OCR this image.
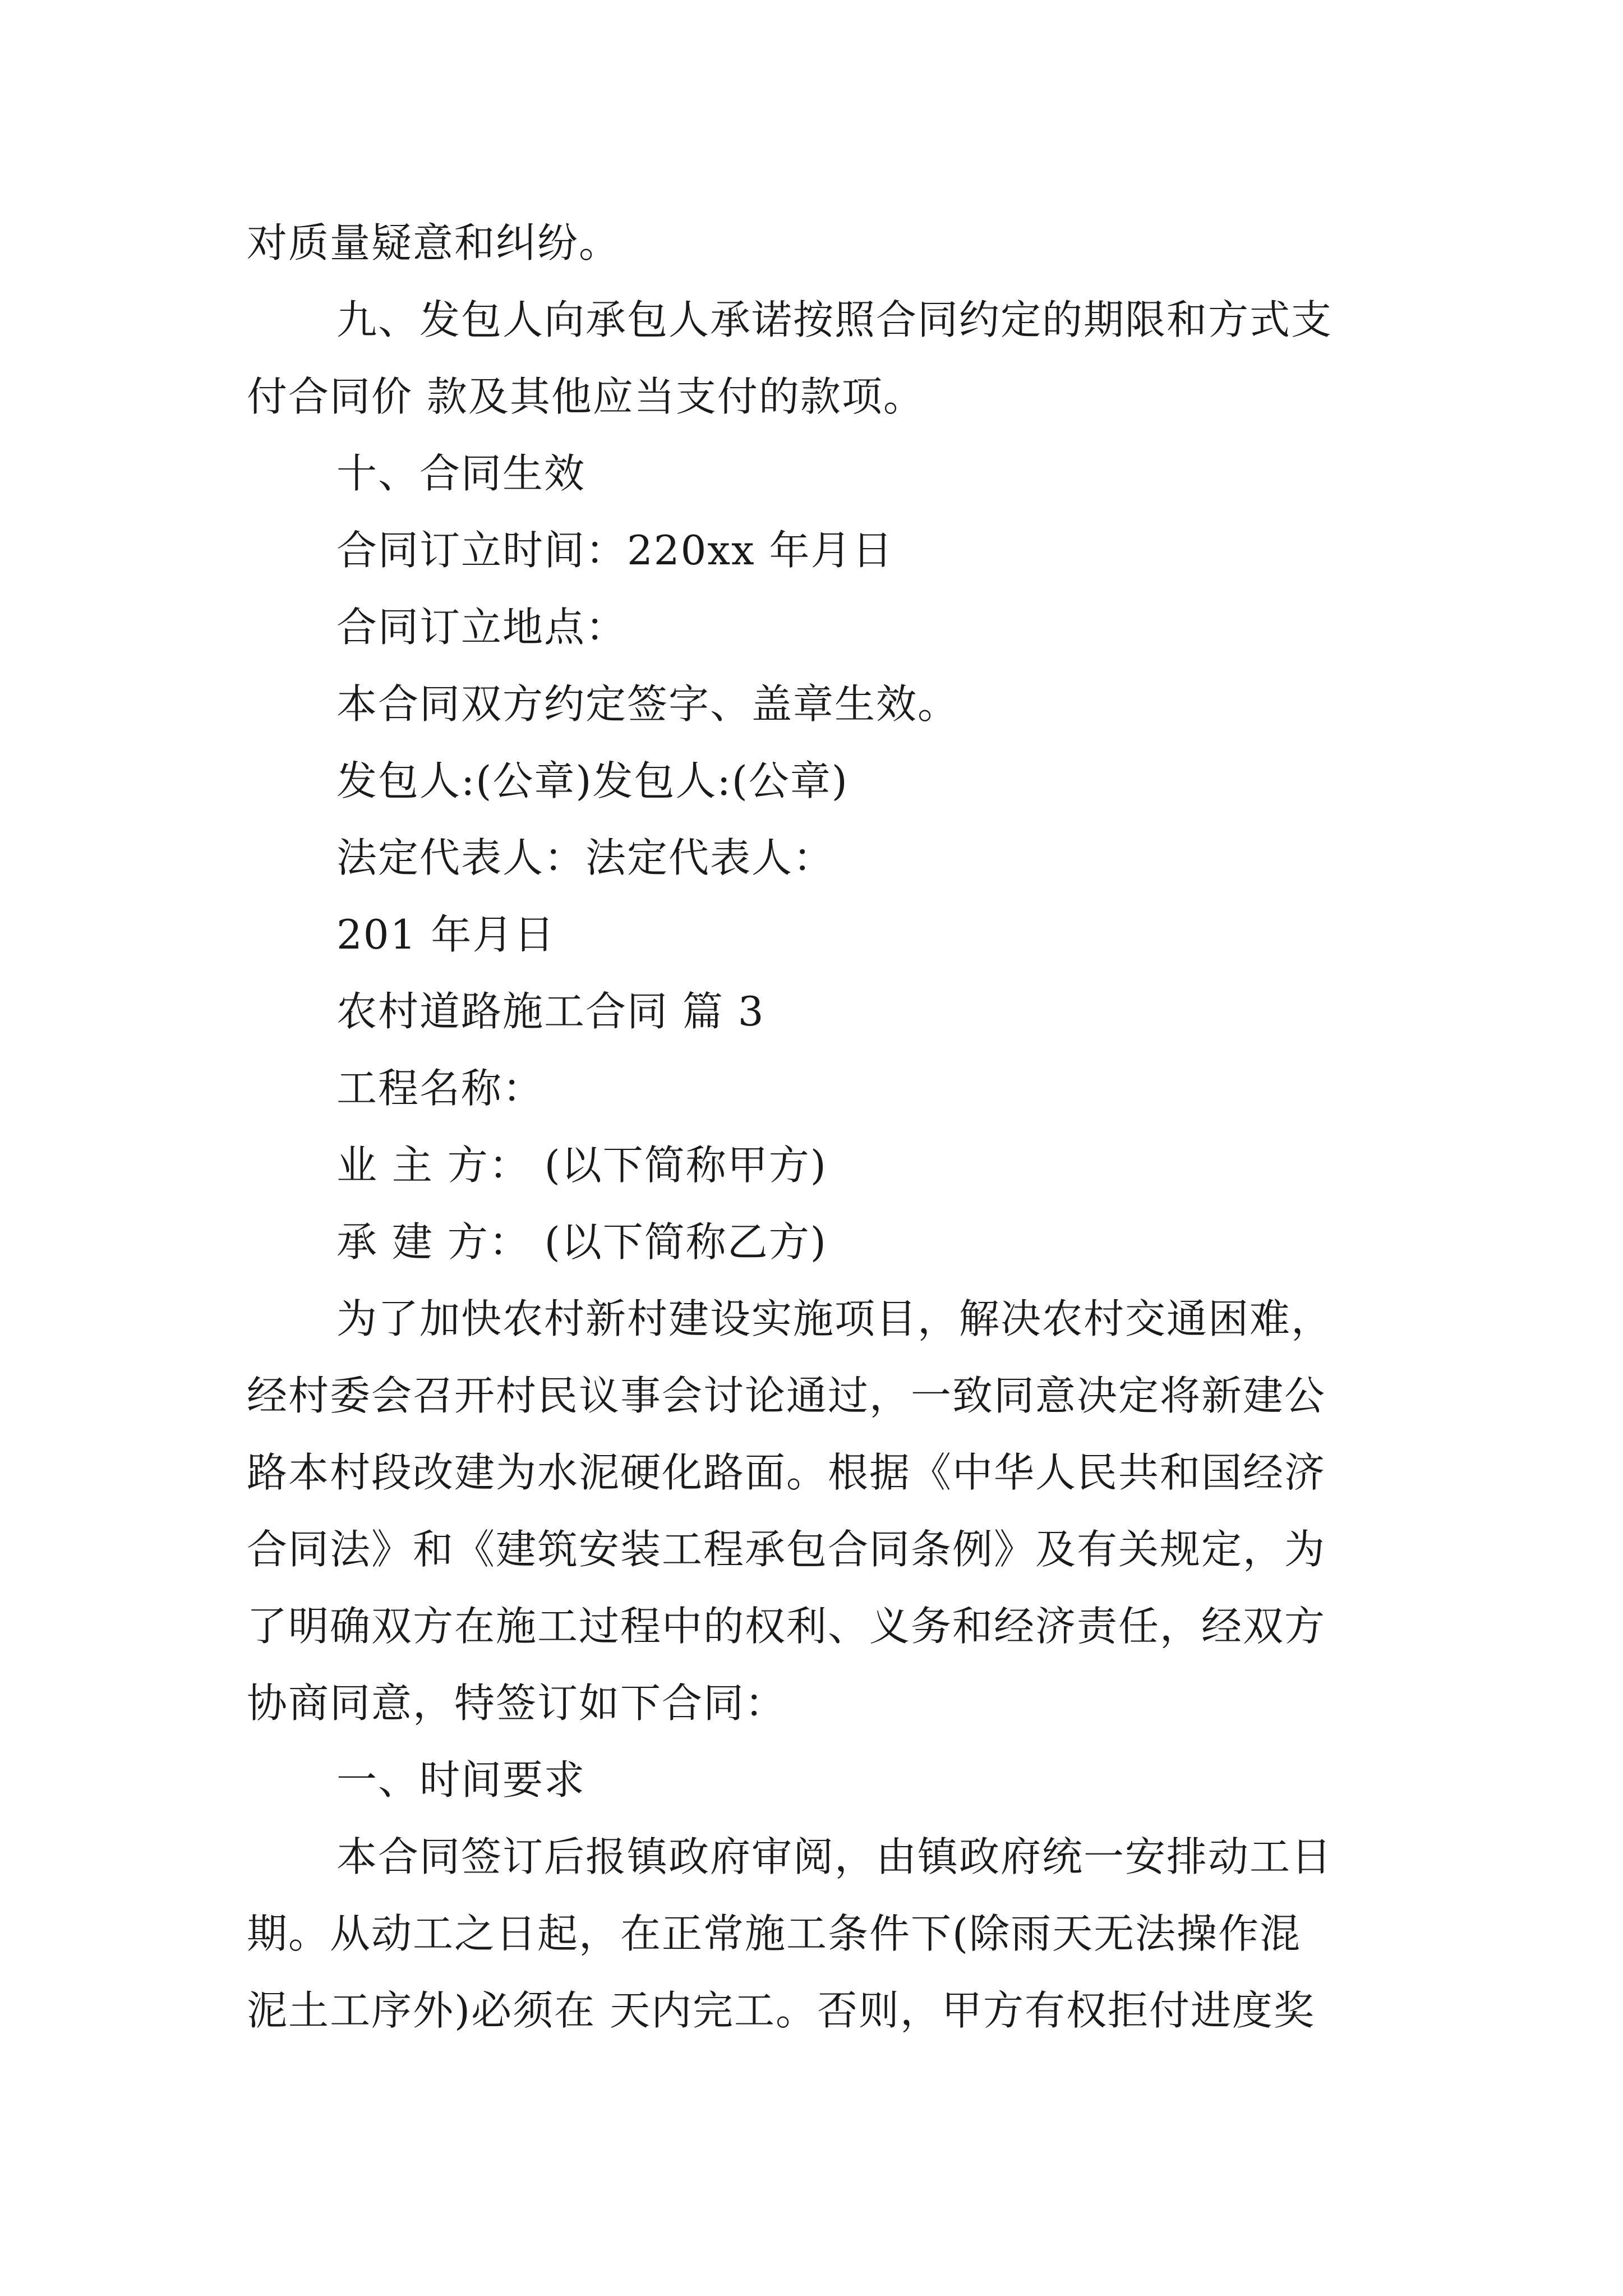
对质量疑意和纠纷。
九、发包人向承包人承诺按照合同约定的期限和方式支
付合同价 款及其他应当支付的款项。
十、合同生效
合同订立时间：220xx 年月日
合同订立地点：
本合同双方约定签字、盖章生效。
发包人:(公章)发包人:(公章)
法定代表人：法定代表人：
201 年月日
农村道路施工合同 篇 3
工程名称：
业 主 方： (以下简称甲方)
承 建 方： (以下简称乙方)
为了加快农村新村建设实施项目，解决农村交通困难，
经村委会召开村民议事会讨论通过，一致同意决定将新建公
路本村段改建为水泥硬化路面。根据《中华人民共和国经济
合同法》和《建筑安装工程承包合同条例》及有关规定，为
了明确双方在施工过程中的权利、义务和经济责任，经双方
协商同意，特签订如下合同：
一、时间要求
本合同签订后报镇政府审阅，由镇政府统一安排动工日
期。从动工之日起，在正常施工条件下(除雨天无法操作混
泥土工序外)必须在 天内完工。否则，甲方有权拒付进度奖
